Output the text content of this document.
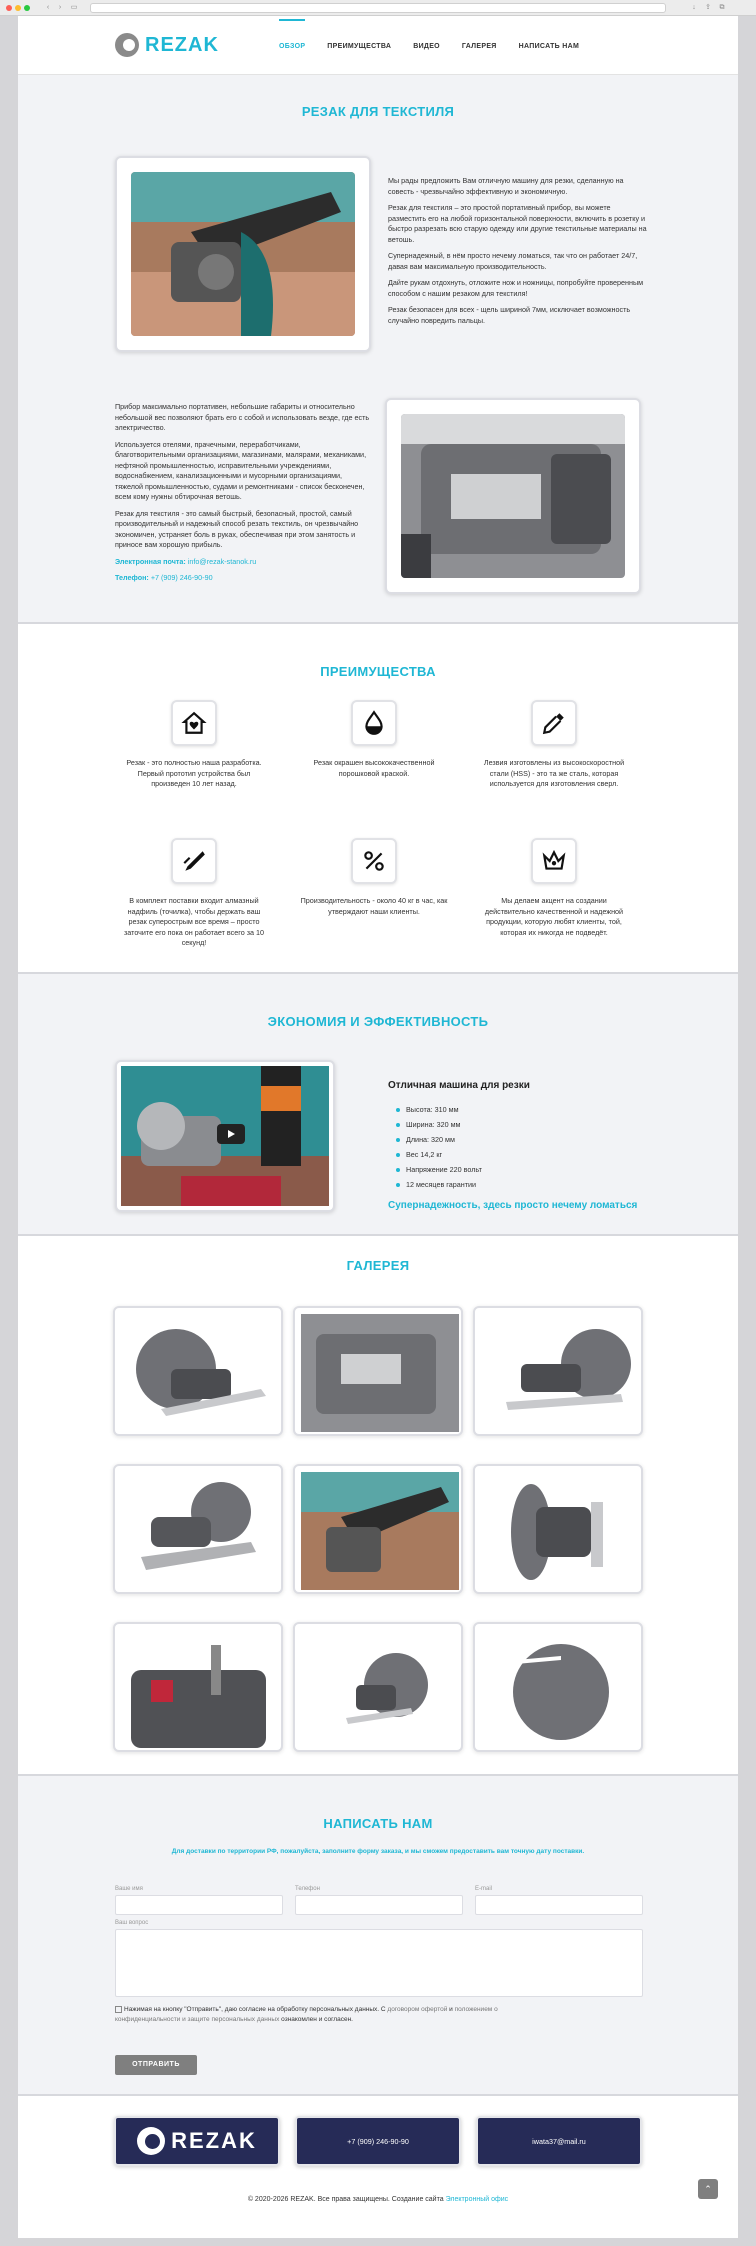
‹	›	▭	↓	⇪ ⧉
REZAK	ОБЗОР	ПРЕИМУЩЕСТВА	ВИДЕО	ГАЛЕРЕЯ	НАПИСАТЬ НАМ
РЕЗАК ДЛЯ ТЕКСТИЛЯ

Мы рады предложить Вам отличную машину для резки, сделанную на совесть - чрезвычайно эффективную и экономичную.

Резак для текстиля – это простой портативный прибор, вы можете разместить его на любой горизонтальной поверхности, включить в розетку и быстро разрезать всю старую одежду или другие текстильные материалы на ветошь.

Супернадежный, в нём просто нечему ломаться, так что он работает 24/7, давая вам максимальную производительность.

Дайте рукам отдохнуть, отложите нож и ножницы, попробуйте проверенным способом с нашим резаком для текстиля!

Резак безопасен для всех - щель шириной 7мм, исключает возможность случайно повредить пальцы.

Прибор максимально портативен, небольшие габариты и относительно небольшой вес позволяют брать его с собой и использовать везде, где есть электричество.

Используется отелями, прачечными, переработчиками, благотворительными организациями, магазинами, малярами, механиками, нефтяной промышленностью, исправительными учреждениями, водоснабжением, канализационными и мусорными организациями, тяжелой промышленностью, судами и ремонтниками - список бесконечен, всем кому нужны обтирочная ветошь.

Резак для текстиля - это самый быстрый, безопасный, простой, самый производительный и надежный способ резать текстиль, он чрезвычайно экономичен, устраняет боль в руках, обеспечивая при этом занятость и приносе вам хорошую прибыль.

Электронная почта: info@rezak-stanok.ru

Телефон: +7 (909) 246-90-90

ПРЕИМУЩЕСТВА
Резак - это полностью наша разработка. Первый прототип устройства был произведен 10 лет назад.
Резак окрашен высококачественной порошковой краской.
Лезвия изготовлены из высокоскоростной стали (HSS) - это та же сталь, которая используется для изготовления сверл.
В комплект поставки входит алмазный надфиль (точилка), чтобы держать ваш резак суперострым все время – просто заточите его пока он работает всего за 10 секунд!
Производительность - около 40 кг в час, как утверждают наши клиенты.
Мы делаем акцент на создании действительно качественной и надежной продукции, которую любят клиенты, той, которая их никогда не подведёт.
ЭКОНОМИЯ И ЭФФЕКТИВНОСТЬ
Отличная машина для резки
Высота: 310 мм
Ширина: 320 мм
Длина: 320 мм
Вес 14,2 кг
Напряжение 220 вольт
12 месяцев гарантии
Супернадежность, здесь просто нечему ломаться
ГАЛЕРЕЯ
НАПИСАТЬ НАМ
Для доставки по территории РФ, пожалуйста, заполните форму заказа, и мы сможем предоставить вам точную дату поставки.
Ваше имя	Телефон	E-mail
Ваш вопрос
Нажимая на кнопку "Отправить", даю согласие на обработку персональных данных. С договором офертой и положением о конфиденциальности и защите персональных данных ознакомлен и согласен.
ОТПРАВИТЬ
REZAK	+7 (909) 246-90-90	iwata37@mail.ru
⌃
© 2020-2026 REZAK. Все права защищены. Создание сайта Электронный офис
